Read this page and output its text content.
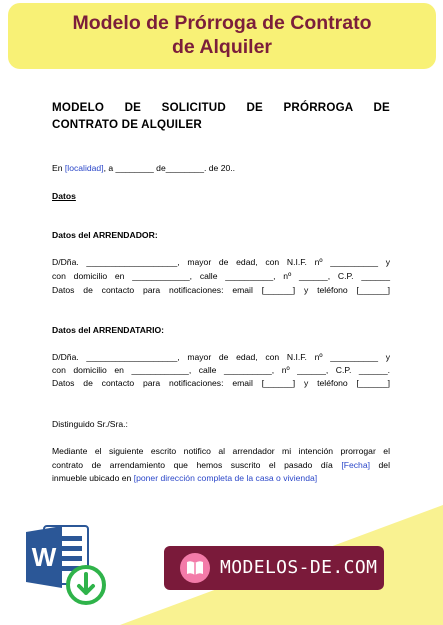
Modelo de Prórroga de Contrato
de Alquiler
MODELO DE SOLICITUD DE PRÓRROGA DE
CONTRATO DE ALQUILER
En [localidad], a ________ de________. de 20..
Datos
Datos del ARRENDADOR:
D/Dña. ___________________, mayor de edad, con N.I.F. nº __________ y
con domicilio en ____________, calle __________, nº ______, C.P. ______
Datos de contacto para notificaciones: email [______] y teléfono [______]
Datos del ARRENDATARIO:
D/Dña. ___________________, mayor de edad, con N.I.F. nº __________ y
con domicilio en ____________, calle __________, nº ______, C.P. ______.
Datos de contacto para notificaciones: email [______] y teléfono [______]
Distinguido Sr./Sra.:
Mediante el siguiente escrito notifico al arrendador mi intención prorrogar el
contrato de arrendamiento que hemos suscrito el pasado día [Fecha] del
inmueble ubicado en [poner dirección completa de la casa o vivienda]
W	MODELOS-DE.COM
